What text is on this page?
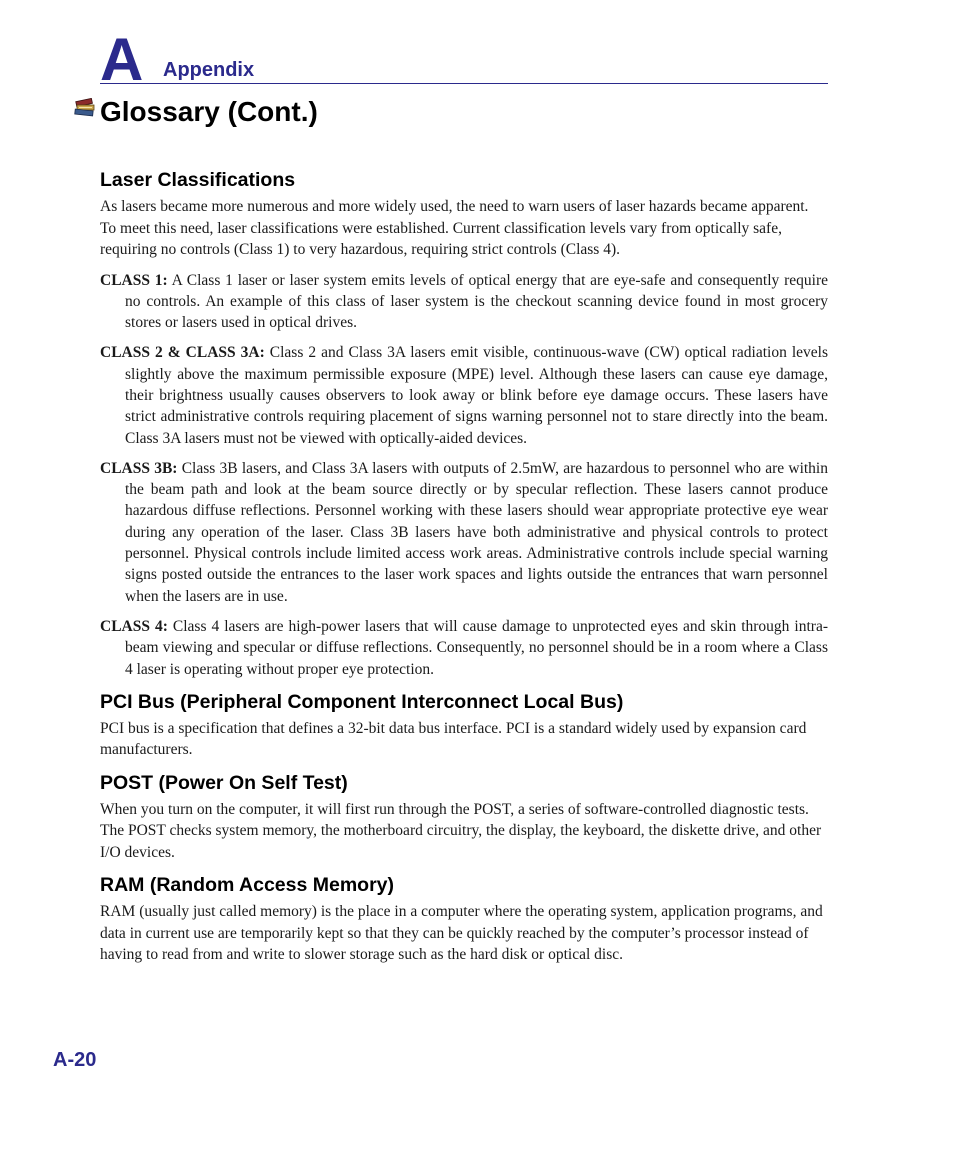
A Appendix
Glossary (Cont.)
Laser Classifications

As lasers became more numerous and more widely used, the need to warn users of laser hazards became apparent. To meet this need, laser classifications were established. Current classification levels vary from optically safe, requiring no controls (Class 1) to very hazardous, requiring strict controls (Class 4).

CLASS 1: A Class 1 laser or laser system emits levels of optical energy that are eye-safe and consequently require no controls. An example of this class of laser system is the checkout scanning device found in most grocery stores or lasers used in optical drives.

CLASS 2 & CLASS 3A: Class 2 and Class 3A lasers emit visible, continuous-wave (CW) optical radiation levels slightly above the maximum permissible exposure (MPE) level. Although these lasers can cause eye damage, their brightness usually causes observers to look away or blink before eye damage occurs. These lasers have strict administrative controls requiring placement of signs warning personnel not to stare directly into the beam. Class 3A lasers must not be viewed with optically-aided devices.

CLASS 3B: Class 3B lasers, and Class 3A lasers with outputs of 2.5mW, are hazardous to personnel who are within the beam path and look at the beam source directly or by specular reflection. These lasers cannot produce hazardous diffuse reflections. Personnel working with these lasers should wear appropriate protective eye wear during any operation of the laser. Class 3B lasers have both administrative and physical controls to protect personnel. Physical controls include limited access work areas. Administrative controls include special warning signs posted outside the entrances to the laser work spaces and lights outside the entrances that warn personnel when the lasers are in use.

CLASS 4: Class 4 lasers are high-power lasers that will cause damage to unprotected eyes and skin through intra-beam viewing and specular or diffuse reflections. Consequently, no personnel should be in a room where a Class 4 laser is operating without proper eye protection.

PCI Bus (Peripheral Component Interconnect Local Bus)

PCI bus is a specification that defines a 32-bit data bus interface. PCI is a standard widely used by expansion card manufacturers.

POST (Power On Self Test)

When you turn on the computer, it will first run through the POST, a series of software-controlled diagnostic tests. The POST checks system memory, the motherboard circuitry, the display, the keyboard, the diskette drive, and other I/O devices.

RAM (Random Access Memory)

RAM (usually just called memory) is the place in a computer where the operating system, application programs, and data in current use are temporarily kept so that they can be quickly reached by the computer’s processor instead of having to read from and write to slower storage such as the hard disk or optical disc.

A-20
